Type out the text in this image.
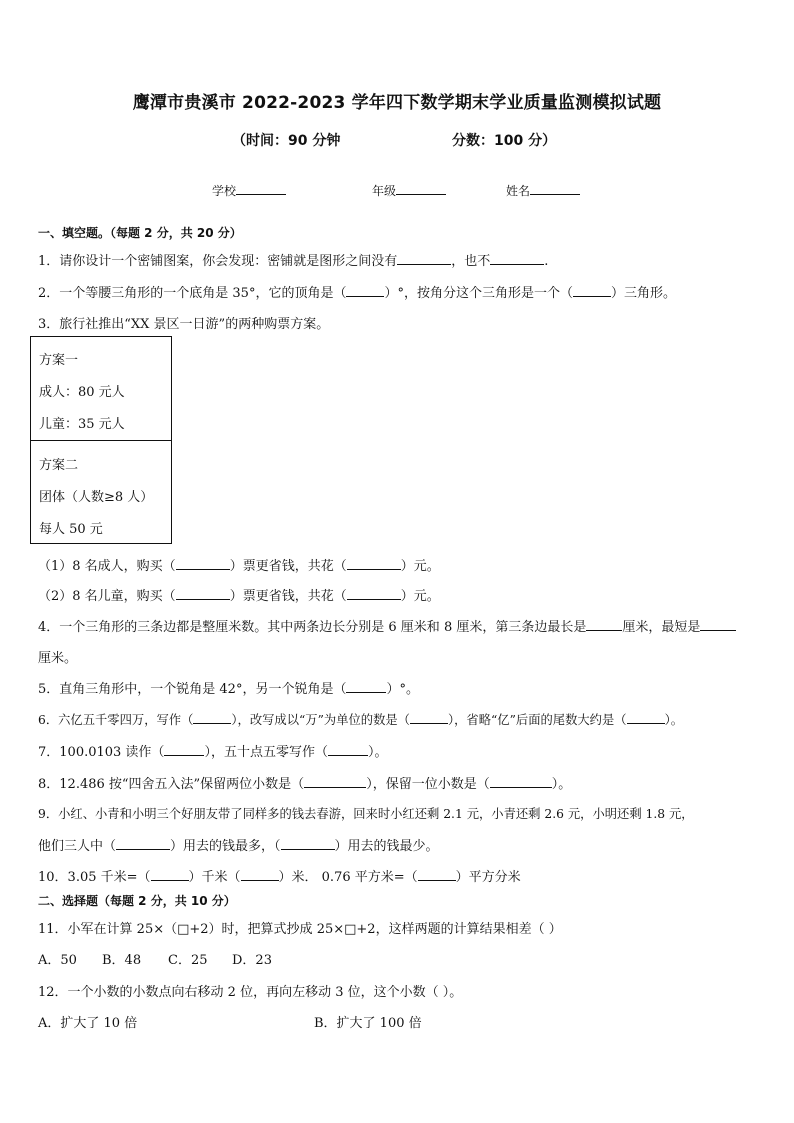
鹰潭市贵溪市 2022-2023 学年四下数学期末学业质量监测模拟试题
（时间：90 分钟	分数：100 分）
学校	年级	姓名
一、填空题。（每题 2 分，共 20 分）
1．请你设计一个密铺图案，你会发现：密铺就是图形之间没有	，也不	.
2．一个等腰三角形的一个底角是 35°，它的顶角是（	）°，按角分这个三角形是一个（	）三角形。
3．旅行社推出“XX 景区一日游”的两种购票方案。
方案一
成人：80 元人
儿童：35 元人
方案二
团体（人数≥8 人）
每人 50 元
（1）8 名成人，购买（	）票更省钱，共花（	）元。
（2）8 名儿童，购买（	）票更省钱，共花（	）元。
4．一个三角形的三条边都是整厘米数。其中两条边长分别是 6 厘米和 8 厘米，第三条边最长是	厘米，最短是
厘米。
5．直角三角形中，一个锐角是 42°，另一个锐角是（	）°。
6．六亿五千零四万，写作（	），改写成以“万”为单位的数是（	），省略“亿”后面的尾数大约是（	）。
7．100.0103 读作（	），五十点五零写作（	）。
8．12.486 按“四舍五入法”保留两位小数是（	），保留一位小数是（	）。
9．小红、小青和小明三个好朋友带了同样多的钱去春游，回来时小红还剩 2.1 元，小青还剩 2.6 元，小明还剩 1.8 元，
他们三人中（	）用去的钱最多，（	）用去的钱最少。
10．3.05 千米=（	）千米（	）米． 0.76 平方米=（	）平方分米
二、选择题（每题 2 分，共 10 分）
11．小军在计算 25×（□+2）时，把算式抄成 25×□+2，这样两题的计算结果相差（ ）
A．50 B．48 C．25 D．23
12．一个小数的小数点向右移动 2 位，再向左移动 3 位，这个小数（ ）。
A．扩大了 10 倍	B．扩大了 100 倍
